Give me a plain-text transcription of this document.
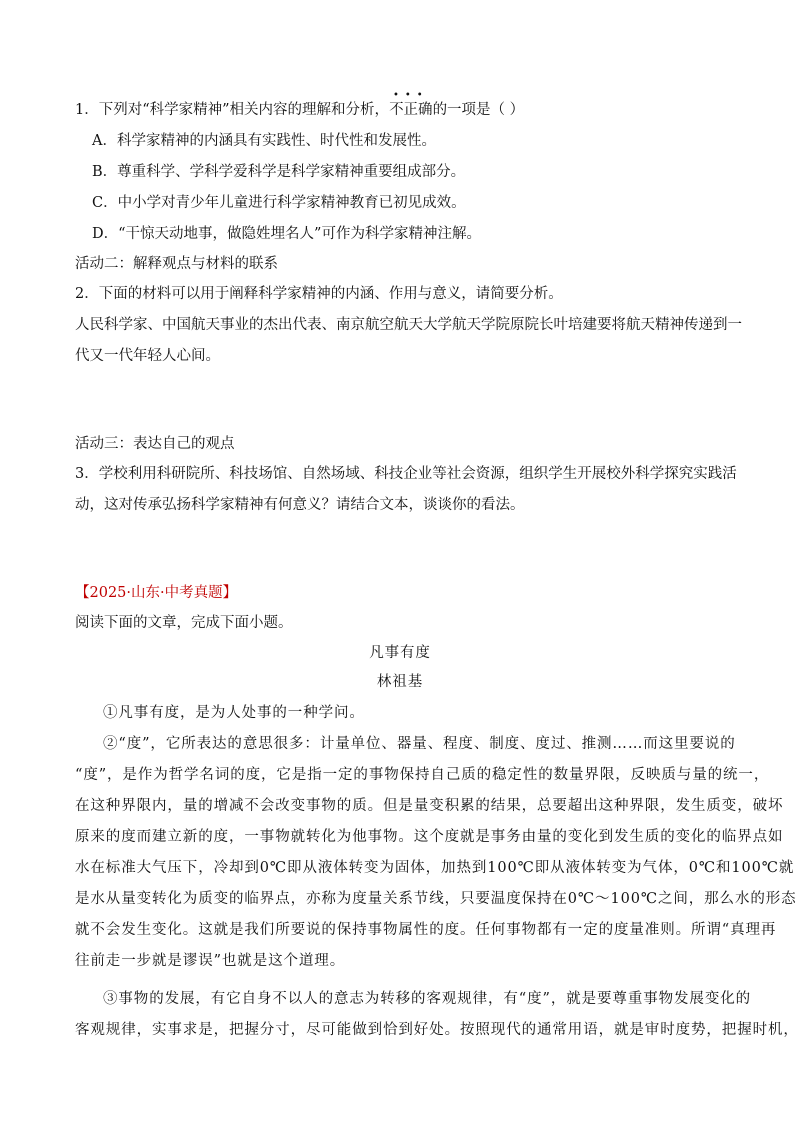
1．下列对“科学家精神”相关内容的理解和分析，
•••
不正确的一项是（ ）
A．科学家精神的内涵具有实践性、时代性和发展性。
B．尊重科学、学科学爱科学是科学家精神重要组成部分。
C．中小学对青少年儿童进行科学家精神教育已初见成效。
D．“干惊天动地事，做隐姓埋名人”可作为科学家精神注解。
活动二：解释观点与材料的联系
2．下面的材料可以用于阐释科学家精神的内涵、作用与意义，请简要分析。
人民科学家、中国航天事业的杰出代表、南京航空航天大学航天学院原院长叶培建要将航天精神传递到一
代又一代年轻人心间。
活动三：表达自己的观点
3．学校利用科研院所、科技场馆、自然场域、科技企业等社会资源，组织学生开展校外科学探究实践活
动，这对传承弘扬科学家精神有何意义？请结合文本，谈谈你的看法。
【2025·山东·中考真题】
阅读下面的文章，完成下面小题。
凡事有度
林祖基
①凡事有度，是为人处事的一种学问。
②“度”，它所表达的意思很多：计量单位、器量、程度、制度、度过、推测……而这里要说的
“度”，是作为哲学名词的度，它是指一定的事物保持自己质的稳定性的数量界限，反映质与量的统一，
在这种界限内，量的增减不会改变事物的质。但是量变积累的结果，总要超出这种界限，发生质变，破坏
原来的度而建立新的度，一事物就转化为他事物。这个度就是事务由量的变化到发生质的变化的临界点如
水在标准大气压下，冷却到0℃即从液体转变为固体，加热到100℃即从液体转变为气体，0℃和100℃就
是水从量变转化为质变的临界点，亦称为度量关系节线，只要温度保持在0℃～100℃之间，那么水的形态
就不会发生变化。这就是我们所要说的保持事物属性的度。任何事物都有一定的度量准则。所谓“真理再
往前走一步就是谬误”也就是这个道理。
③事物的发展，有它自身不以人的意志为转移的客观规律，有“度”，就是要尊重事物发展变化的
客观规律，实事求是，把握分寸，尽可能做到恰到好处。按照现代的通常用语，就是审时度势，把握时机，
